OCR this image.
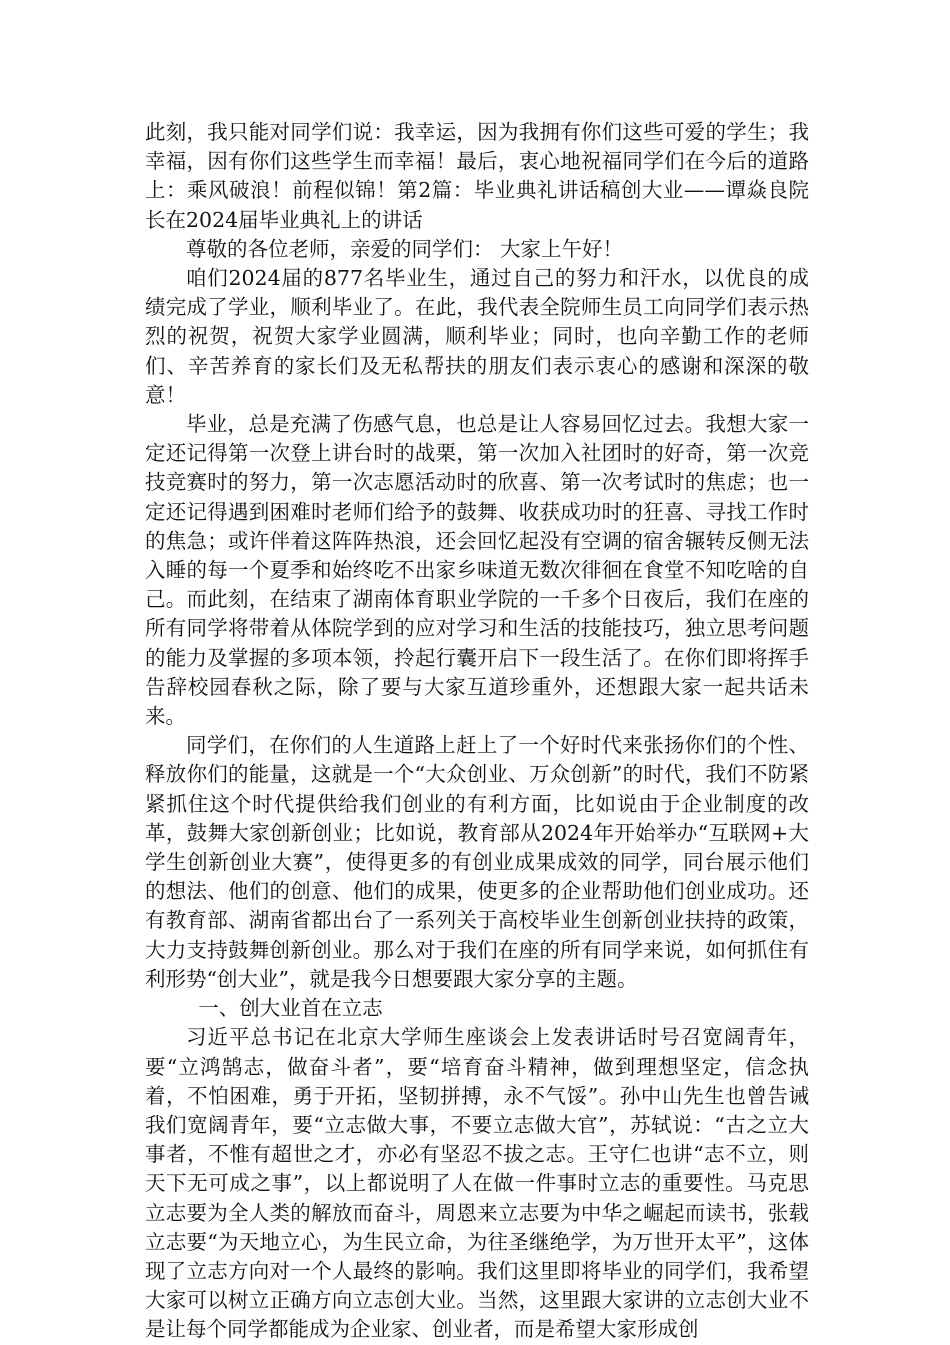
此刻，我只能对同学们说：我幸运，因为我拥有你们这些可爱的学生；我幸福，因有你们这些学生而幸福！最后，衷心地祝福同学们在今后的道路上：乘风破浪！前程似锦！第2篇：毕业典礼讲话稿创大业——谭焱良院长在2024届毕业典礼上的讲话

尊敬的各位老师，亲爱的同学们： 大家上午好！

咱们2024届的877名毕业生，通过自己的努力和汗水，以优良的成绩完成了学业，顺利毕业了。在此，我代表全院师生员工向同学们表示热烈的祝贺，祝贺大家学业圆满，顺利毕业；同时，也向辛勤工作的老师们、辛苦养育的家长们及无私帮扶的朋友们表示衷心的感谢和深深的敬意！

毕业，总是充满了伤感气息，也总是让人容易回忆过去。我想大家一定还记得第一次登上讲台时的战栗，第一次加入社团时的好奇，第一次竞技竞赛时的努力，第一次志愿活动时的欣喜、第一次考试时的焦虑；也一定还记得遇到困难时老师们给予的鼓舞、收获成功时的狂喜、寻找工作时的焦急；或许伴着这阵阵热浪，还会回忆起没有空调的宿舍辗转反侧无法入睡的每一个夏季和始终吃不出家乡味道无数次徘徊在食堂不知吃啥的自己。而此刻，在结束了湖南体育职业学院的一千多个日夜后，我们在座的所有同学将带着从体院学到的应对学习和生活的技能技巧，独立思考问题的能力及掌握的多项本领，拎起行囊开启下一段生活了。在你们即将挥手告辞校园春秋之际，除了要与大家互道珍重外，还想跟大家一起共话未来。

同学们，在你们的人生道路上赶上了一个好时代来张扬你们的个性、释放你们的能量，这就是一个“大众创业、万众创新”的时代，我们不防紧紧抓住这个时代提供给我们创业的有利方面，比如说由于企业制度的改革，鼓舞大家创新创业；比如说，教育部从2024年开始举办“互联网+大学生创新创业大赛”，使得更多的有创业成果成效的同学，同台展示他们的想法、他们的创意、他们的成果，使更多的企业帮助他们创业成功。还有教育部、湖南省都出台了一系列关于高校毕业生创新创业扶持的政策，大力支持鼓舞创新创业。那么对于我们在座的所有同学来说，如何抓住有利形势“创大业”，就是我今日想要跟大家分享的主题。

一、创大业首在立志

习近平总书记在北京大学师生座谈会上发表讲话时号召宽阔青年，要“立鸿鹄志，做奋斗者”，要“培育奋斗精神，做到理想坚定，信念执着，不怕困难，勇于开拓，坚韧拼搏，永不气馁”。孙中山先生也曾告诫我们宽阔青年，要“立志做大事，不要立志做大官”，苏轼说：“古之立大事者，不惟有超世之才，亦必有坚忍不拔之志。王守仁也讲“志不立，则天下无可成之事”，以上都说明了人在做一件事时立志的重要性。马克思立志要为全人类的解放而奋斗，周恩来立志要为中华之崛起而读书，张载立志要“为天地立心，为生民立命，为往圣继绝学，为万世开太平”，这体现了立志方向对一个人最终的影响。我们这里即将毕业的同学们，我希望大家可以树立正确方向立志创大业。当然，这里跟大家讲的立志创大业不是让每个同学都能成为企业家、创业者，而是希望大家形成创
